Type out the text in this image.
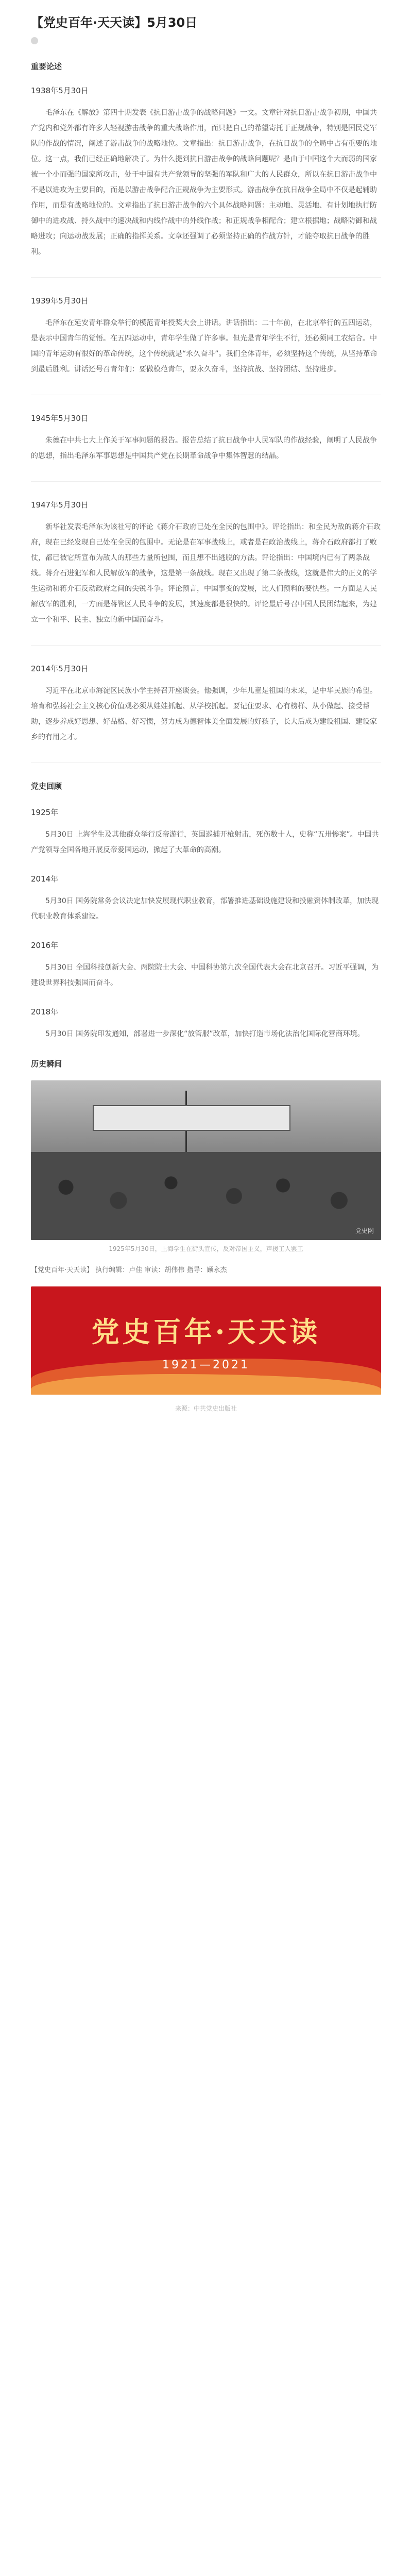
【党史百年·天天读】5月30日
重要论述
1938年5月30日

毛泽东在《解放》第四十期发表《抗日游击战争的战略问题》一文。文章针对抗日游击战争初期，中国共产党内和党外都有许多人轻视游击战争的重大战略作用，而只把自己的希望寄托于正规战争，特别是国民党军队的作战的情况，阐述了游击战争的战略地位。文章指出：抗日游击战争，在抗日战争的全局中占有重要的地位。这一点，我们已经正确地解决了。为什么提到抗日游击战争的战略问题呢？是由于中国这个大而弱的国家被一个小而强的国家所攻击，处于中国有共产党领导的坚强的军队和广大的人民群众，所以在抗日游击战争中不是以进攻为主要目的，而是以游击战争配合正规战争为主要形式。游击战争在抗日战争全局中不仅是起辅助作用，而是有战略地位的。文章指出了抗日游击战争的六个具体战略问题：主动地、灵活地、有计划地执行防御中的进攻战、持久战中的速决战和内线作战中的外线作战；和正规战争相配合；建立根据地；战略防御和战略进攻；向运动战发展；正确的指挥关系。文章还强调了必须坚持正确的作战方针，才能夺取抗日战争的胜利。

1939年5月30日

毛泽东在延安青年群众举行的模范青年授奖大会上讲话。讲话指出：二十年前，在北京举行的五四运动，是表示中国青年的觉悟。在五四运动中，青年学生做了许多事。但光是青年学生不行，还必须同工农结合。中国的青年运动有很好的革命传统，这个传统就是“永久奋斗”。我们全体青年，必须坚持这个传统，从坚持革命到最后胜利。讲话还号召青年们：要做模范青年，要永久奋斗，坚持抗战、坚持团结、坚持进步。

1945年5月30日

朱德在中共七大上作关于军事问题的报告。报告总结了抗日战争中人民军队的作战经验，阐明了人民战争的思想，指出毛泽东军事思想是中国共产党在长期革命战争中集体智慧的结晶。

1947年5月30日

新华社发表毛泽东为该社写的评论《蒋介石政府已处在全民的包围中》。评论指出：和全民为敌的蒋介石政府，现在已经发现自己处在全民的包围中。无论是在军事战线上，或者是在政治战线上，蒋介石政府都打了败仗，都已被它所宣布为敌人的那些力量所包围，而且想不出逃脱的方法。评论指出：中国境内已有了两条战线。蒋介石进犯军和人民解放军的战争，这是第一条战线。现在又出现了第二条战线，这就是伟大的正义的学生运动和蒋介石反动政府之间的尖锐斗争。评论预言，中国事变的发展，比人们预料的要快些。一方面是人民解放军的胜利，一方面是蒋管区人民斗争的发展，其速度都是很快的。评论最后号召中国人民团结起来，为建立一个和平、民主、独立的新中国而奋斗。

2014年5月30日

习近平在北京市海淀区民族小学主持召开座谈会。他强调，少年儿童是祖国的未来，是中华民族的希望。培育和弘扬社会主义核心价值观必须从娃娃抓起、从学校抓起。要记住要求、心有榜样、从小做起、接受帮助，逐步养成好思想、好品格、好习惯，努力成为德智体美全面发展的好孩子，长大后成为建设祖国、建设家乡的有用之才。

党史回顾
1925年

5月30日 上海学生及其他群众举行反帝游行，英国巡捕开枪射击，死伤数十人，史称“五卅惨案”。中国共产党领导全国各地开展反帝爱国运动，掀起了大革命的高潮。

2014年

5月30日 国务院常务会议决定加快发展现代职业教育，部署推进基础设施建设和投融资体制改革，加快现代职业教育体系建设。

2016年

5月30日 全国科技创新大会、两院院士大会、中国科协第九次全国代表大会在北京召开。习近平强调，为建设世界科技强国而奋斗。

2018年

5月30日 国务院印发通知，部署进一步深化“放管服”改革，加快打造市场化法治化国际化营商环境。

历史瞬间
党史网
1925年5月30日，上海学生在街头宣传，反对帝国主义，声援工人罢工
【党史百年·天天读】 执行编辑：卢佳 审读：胡伟伟 指导：顾永杰
党史百年·天天读
1921—2021
来源：中共党史出版社
